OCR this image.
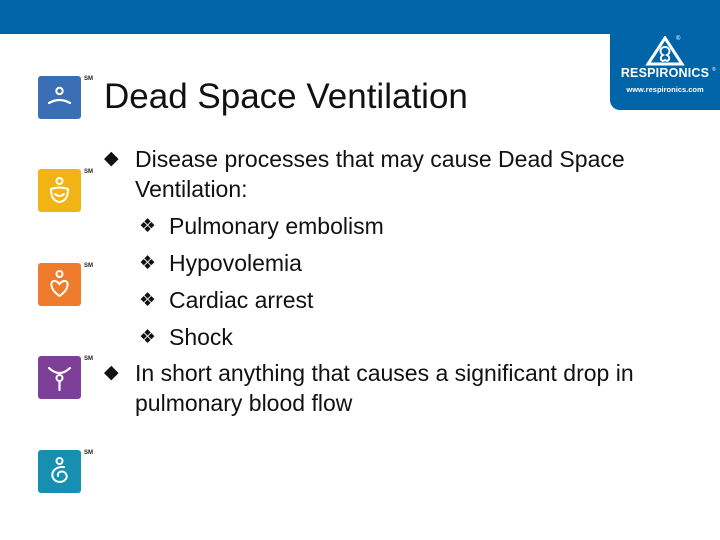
®
RESPIRONICS ®
www.respironics.com
SM
SM
SM
SM
SM
Dead Space Ventilation
◆ Disease processes that may cause Dead Space Ventilation:
❖ Pulmonary embolism
❖ Hypovolemia
❖ Cardiac arrest
❖ Shock
◆ In short anything that causes a significant drop in pulmonary blood flow
